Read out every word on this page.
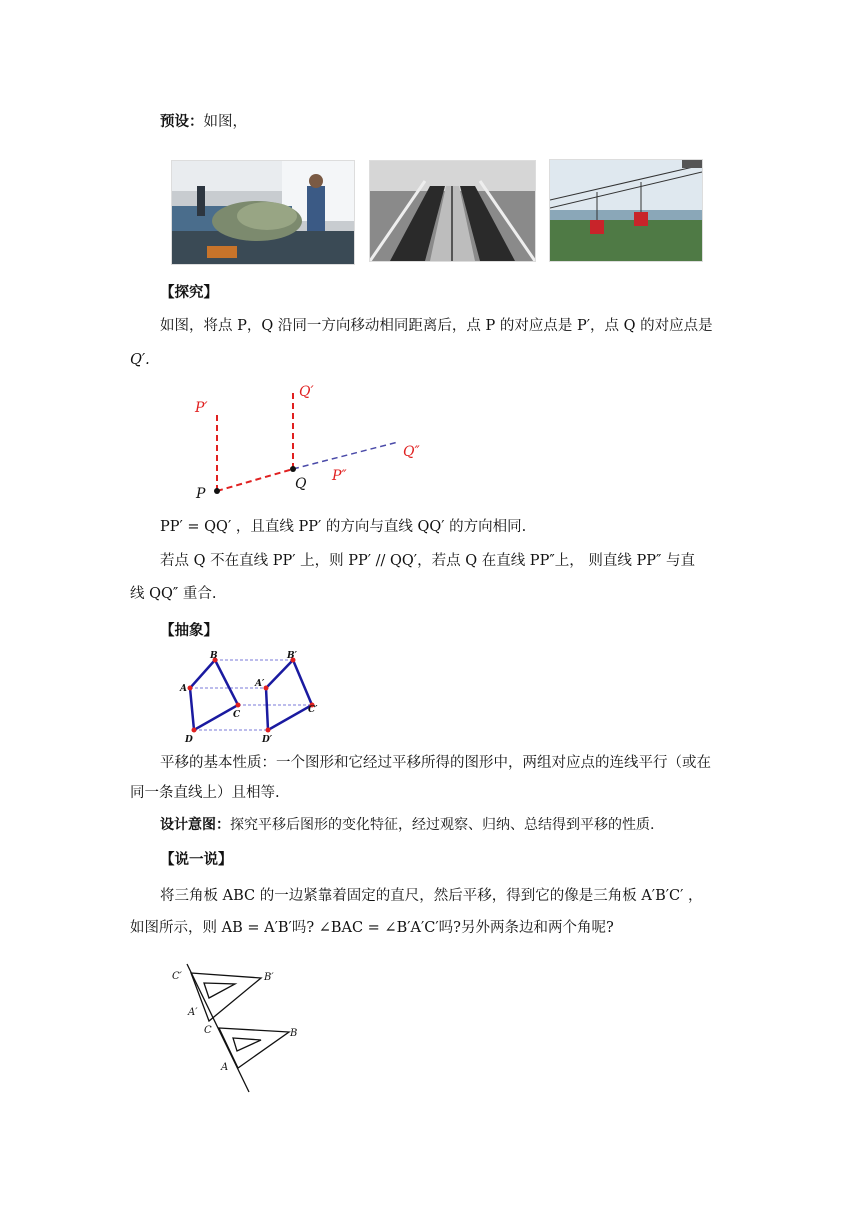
预设：如图，
【探究】
如图，将点 P，Q 沿同一方向移动相同距离后，点 P 的对应点是 P′，点 Q 的对应点是
Q′.
P
P′
Q′
Q
Q″
P″
PP′ = QQ′ ，且直线 PP′ 的方向与直线 QQ′ 的方向相同.
若点 Q 不在直线 PP′ 上，则 PP′ // QQ′，若点 Q 在直线 PP″上， 则直线 PP″ 与直
线 QQ″ 重合.
【抽象】
B
A
C
D
B′
A′
C′
D′
平移的基本性质：一个图形和它经过平移所得的图形中，两组对应点的连线平行（或在
同一条直线上）且相等.
设计意图：探究平移后图形的变化特征，经过观察、归纳、总结得到平移的性质.
【说一说】
将三角板 ABC 的一边紧靠着固定的直尺，然后平移，得到它的像是三角板 A′B′C′ ，
如图所示，则 AB = A′B′吗? ∠BAC = ∠B′A′C′吗?另外两条边和两个角呢?
C′	B′
A′
C	B
A
